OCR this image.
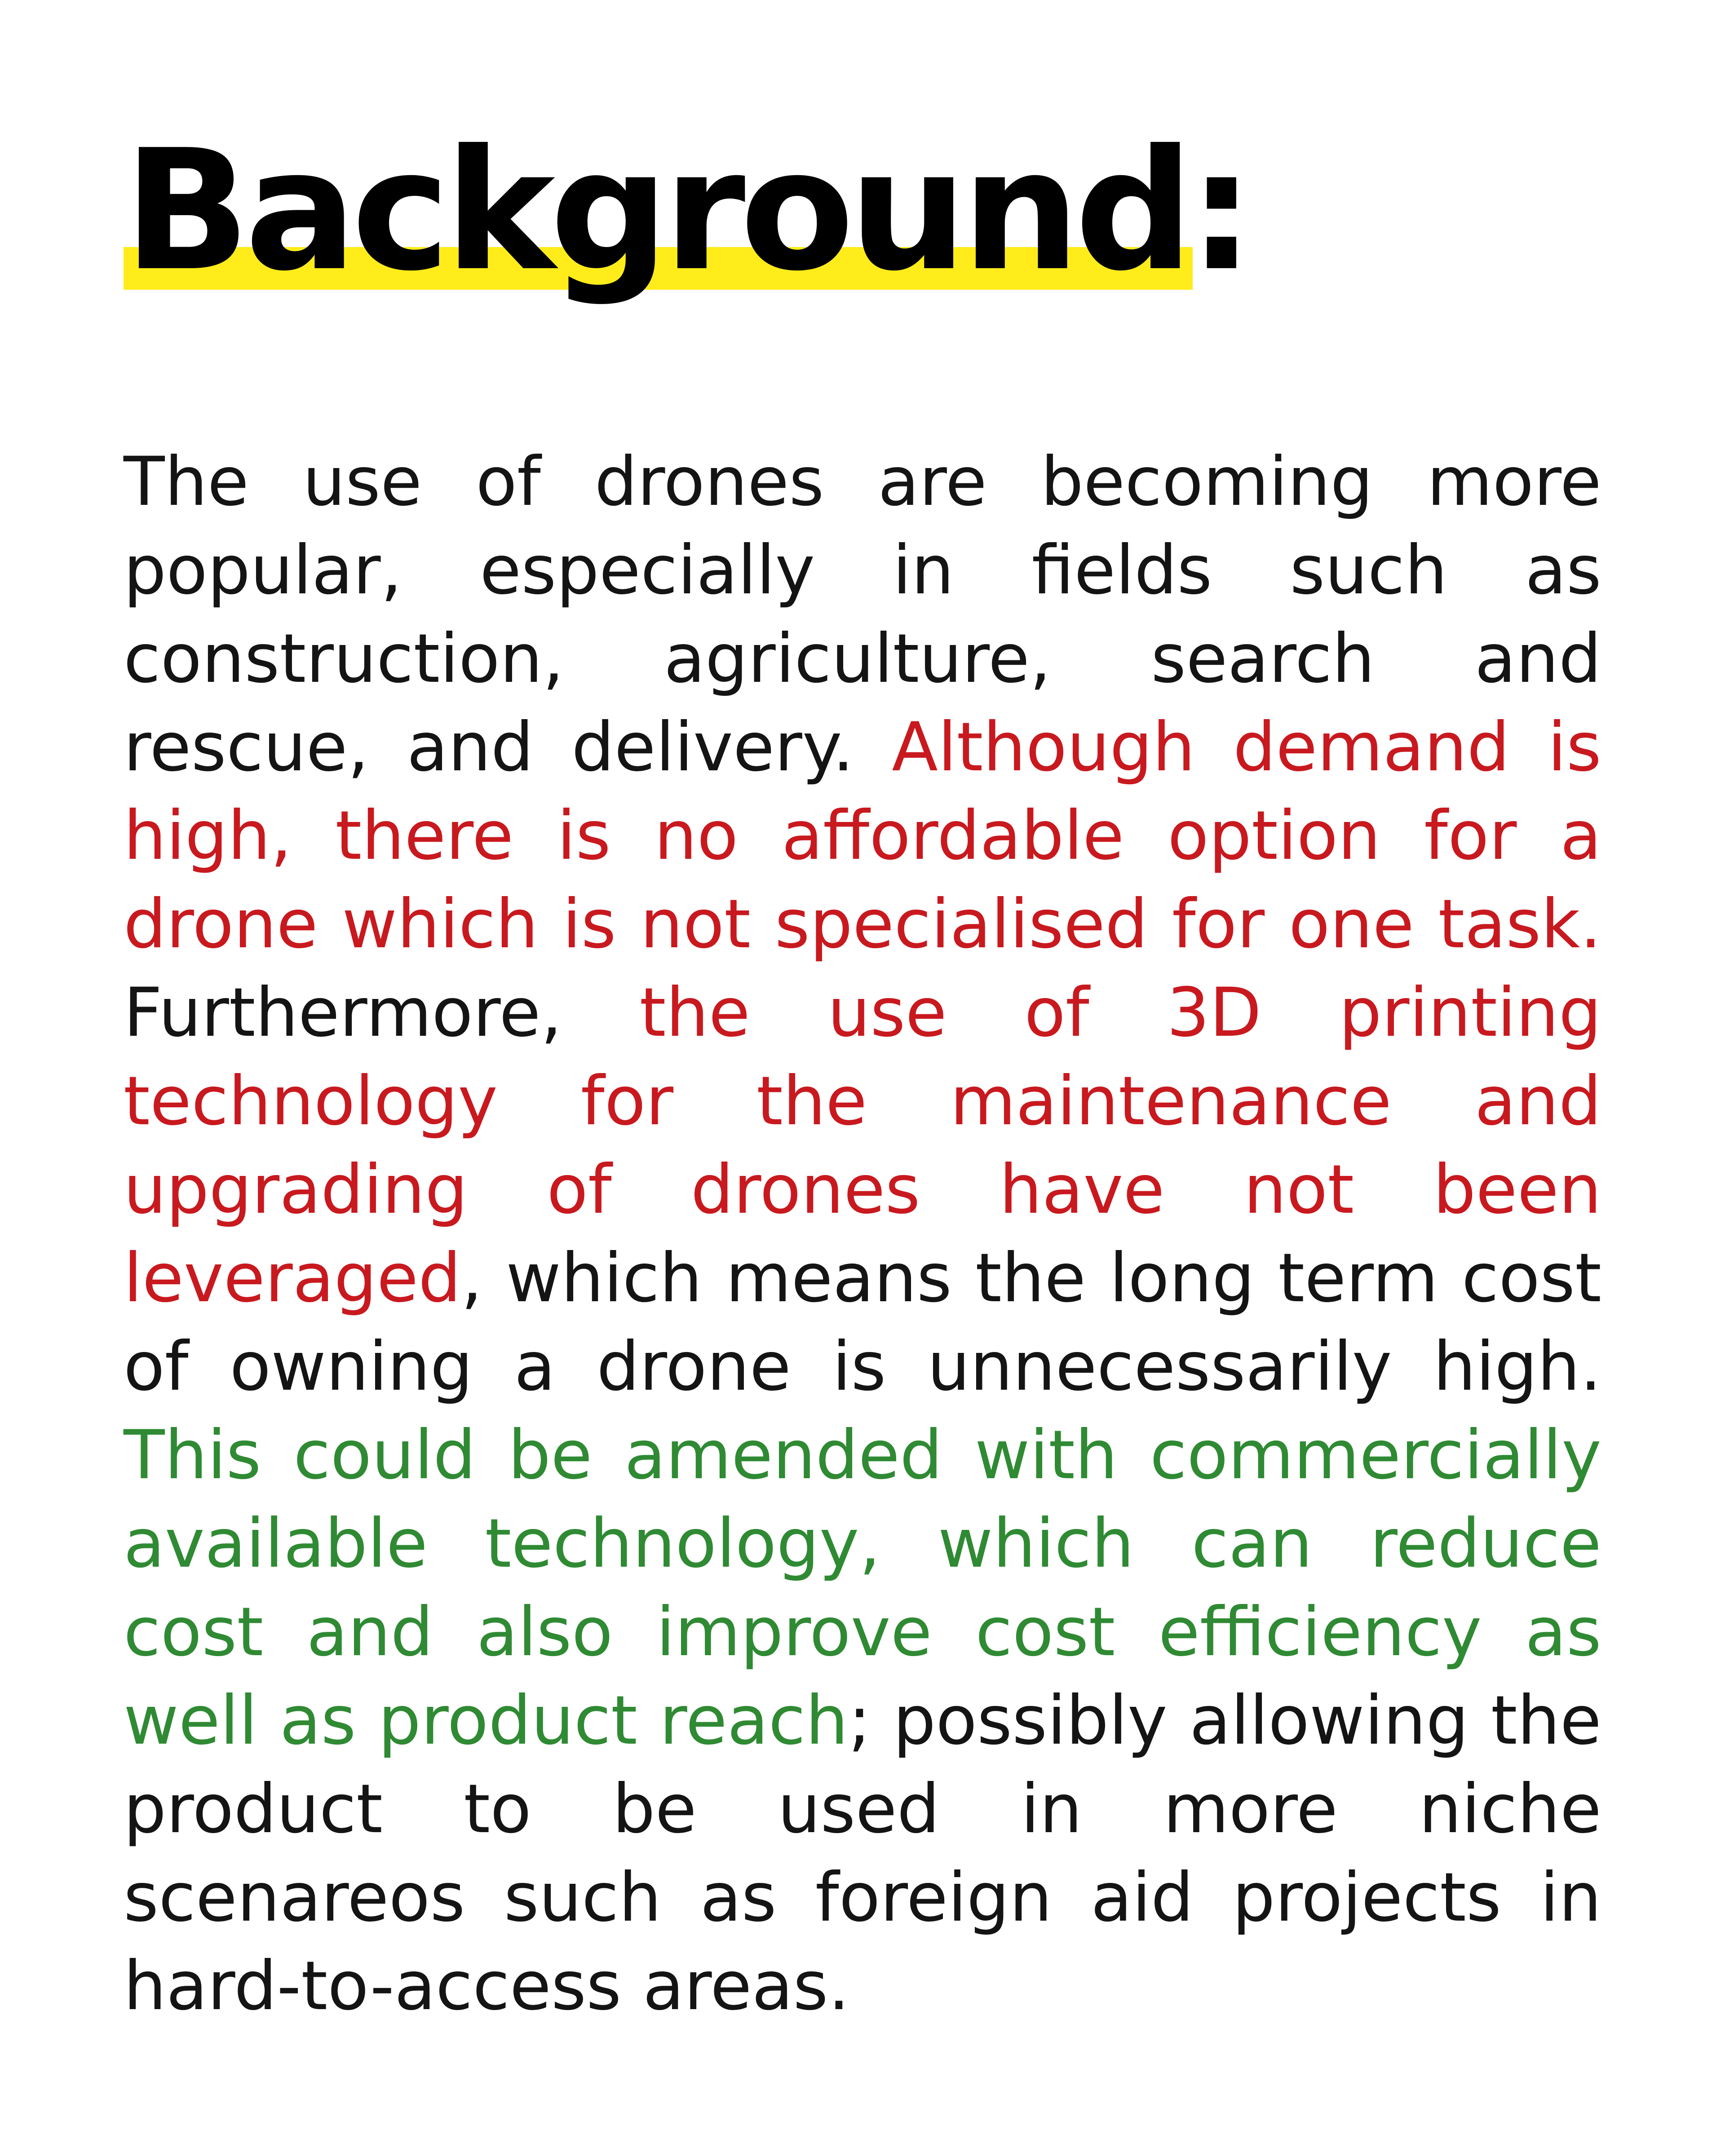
Background:

The use of drones are becoming more popular, especially in fields such as construction, agriculture, search and rescue, and delivery. Although demand is high, there is no affordable option for a drone which is not specialised for one task. Furthermore, the use of 3D printing technology for the maintenance and upgrading of drones have not been leveraged, which means the long term cost of owning a drone is unnecessarily high. This could be amended with commercially available technology, which can reduce cost and also improve cost efficiency as well as product reach; possibly allowing the product to be used in more niche scenareos such as foreign aid projects in hard-to-access areas.
